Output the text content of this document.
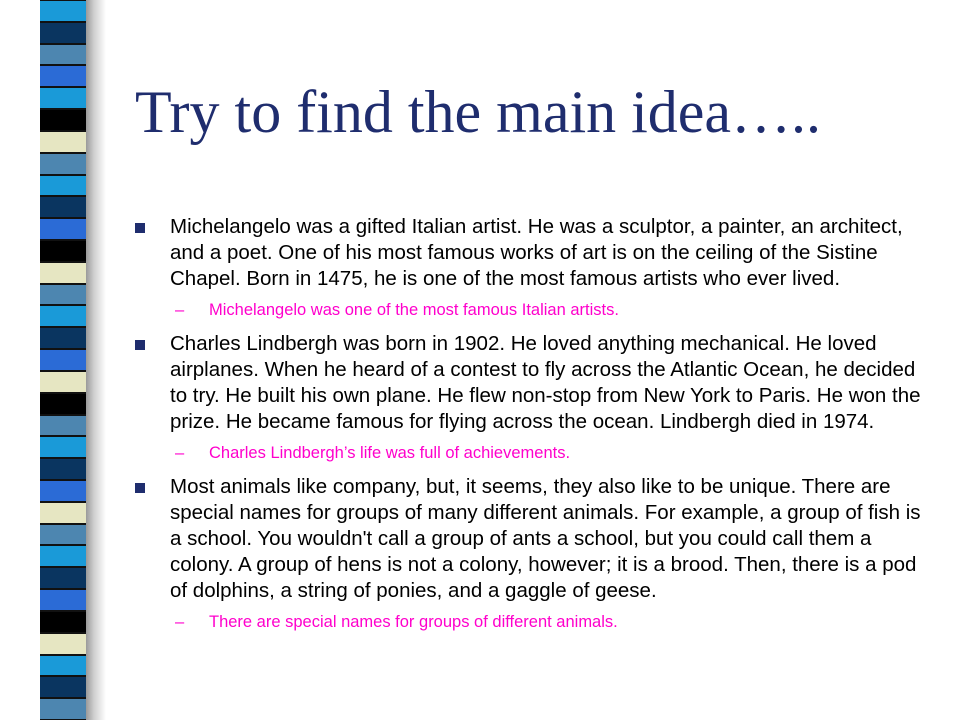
Try to find the main idea…..

Michelangelo was a gifted Italian artist. He was a sculptor, a painter, an architect, and a poet. One of his most famous works of art is on the ceiling of the Sistine Chapel. Born in 1475, he is one of the most famous artists who ever lived.

– Michelangelo was one of the most famous Italian artists.

Charles Lindbergh was born in 1902. He loved anything mechanical. He loved airplanes. When he heard of a contest to fly across the Atlantic Ocean, he decided to try. He built his own plane. He flew non-stop from New York to Paris. He won the prize. He became famous for flying across the ocean. Lindbergh died in 1974.

– Charles Lindbergh’s life was full of achievements.

Most animals like company, but, it seems, they also like to be unique. There are special names for groups of many different animals. For example, a group of fish is a school. You wouldn't call a group of ants a school, but you could call them a colony. A group of hens is not a colony, however; it is a brood. Then, there is a pod of dolphins, a string of ponies, and a gaggle of geese.

– There are special names for groups of different animals.
